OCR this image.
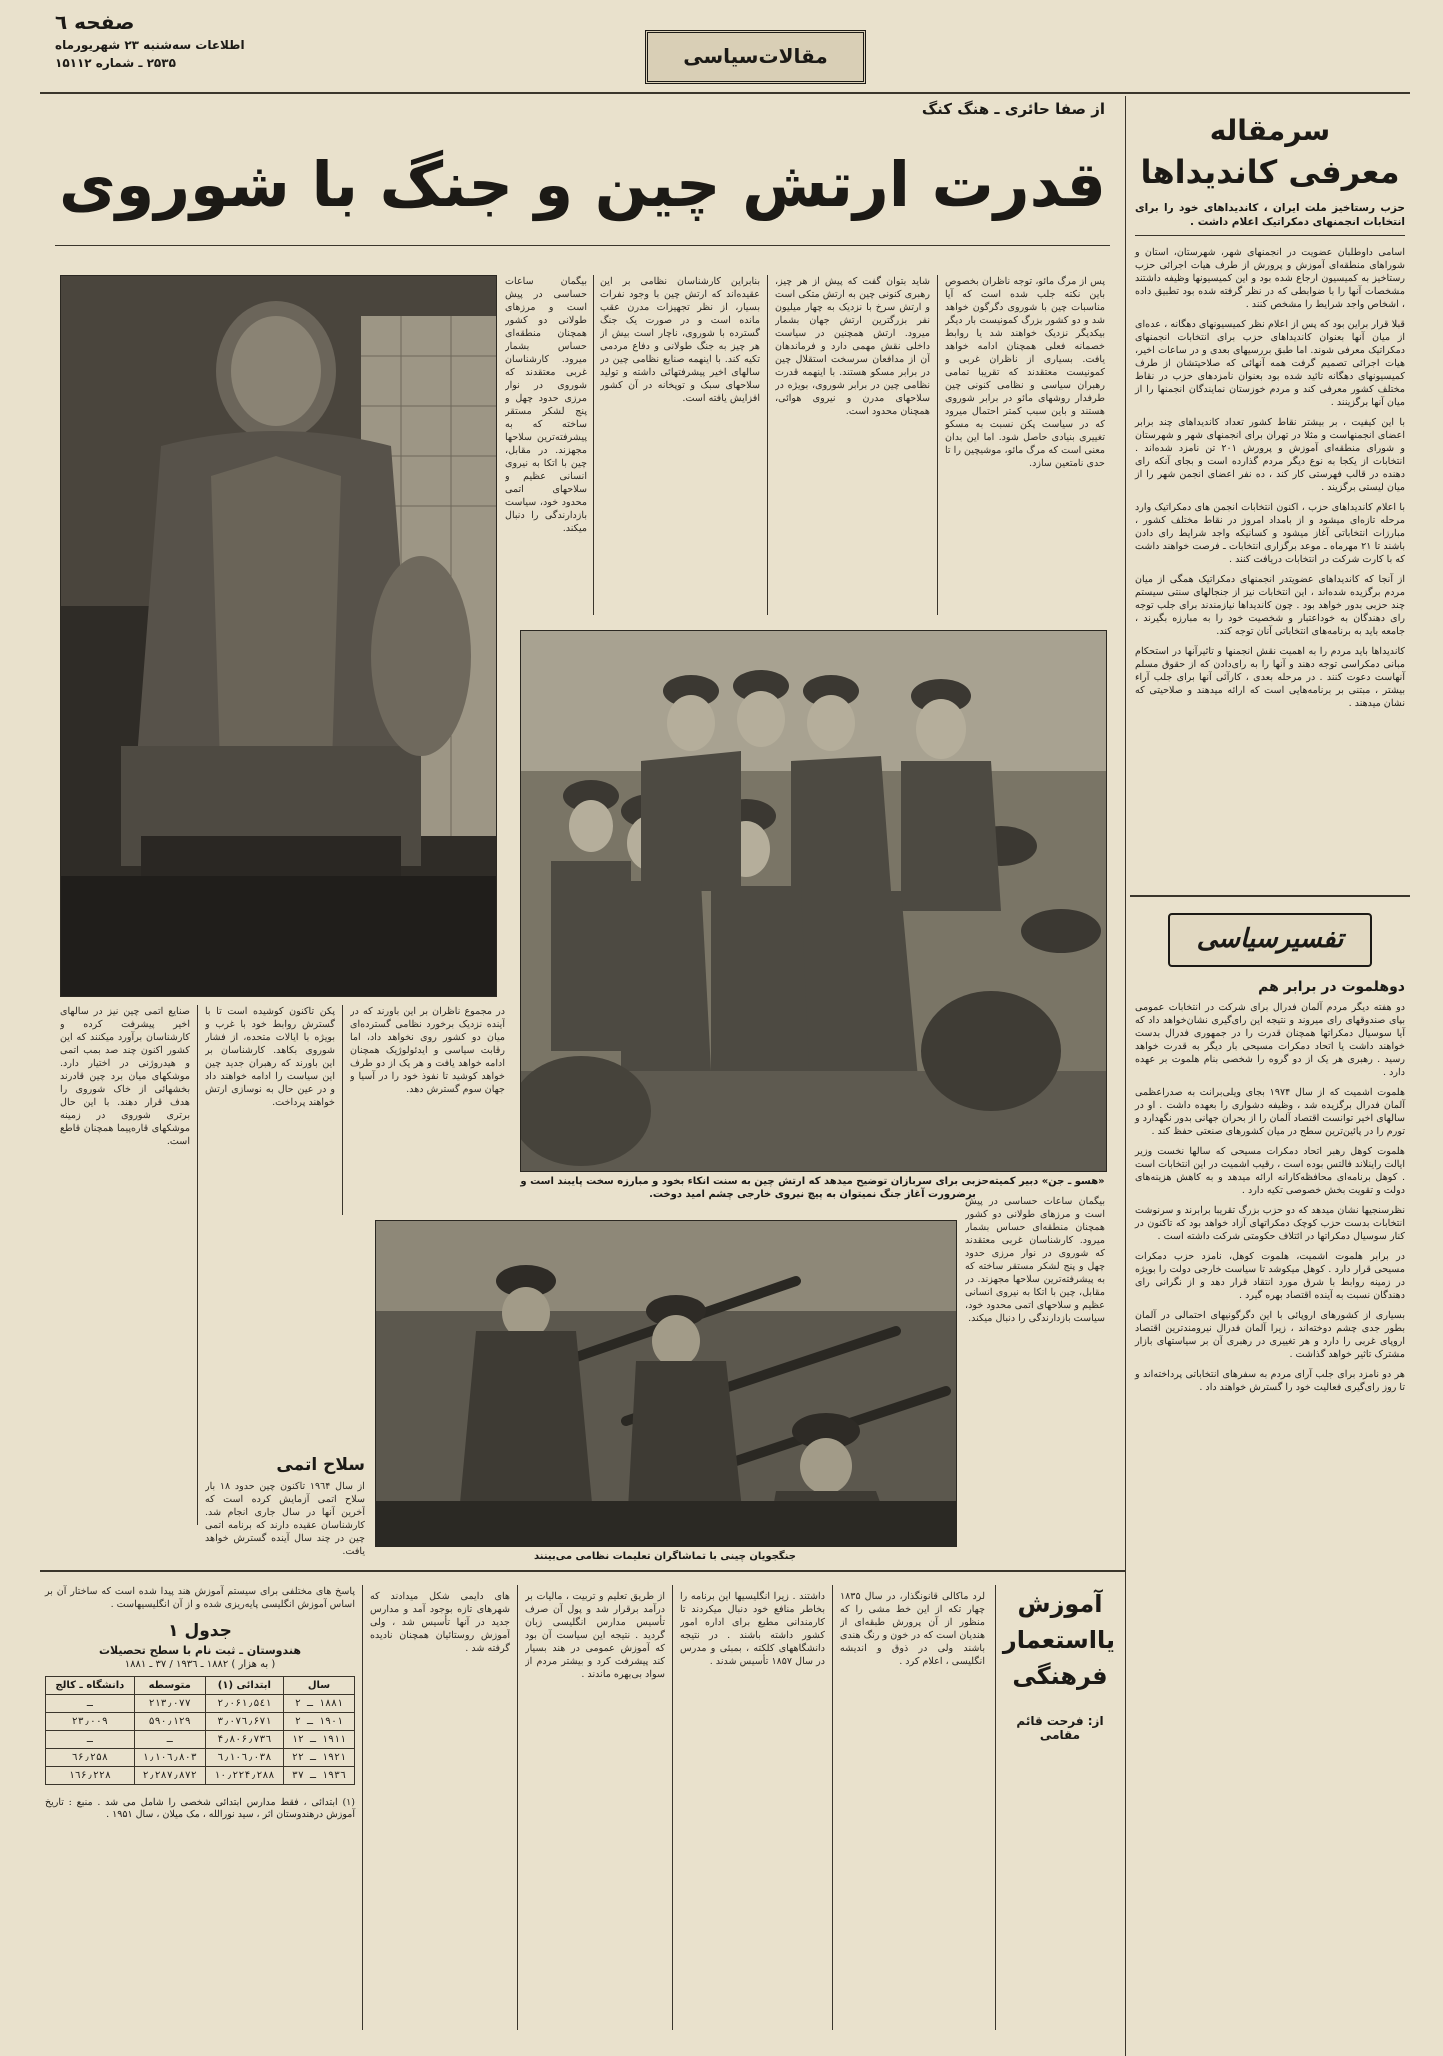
صفحه ٦
اطلاعات سه‌شنبه ۲۳ شهریورماه
۲۵۳۵ ـ شماره ۱۵۱۱۲	مقالات‌سیاسی
از صفا حائری ـ هنگ کنگ
قدرت ارتش چین و جنگ با شوروی
سرمقاله
معرفی کاندیداها
حزب رستاخیز ملت ایران ، کاندیداهای خود را برای انتخابات انجمنهای دمکراتیک اعلام داشت .

اسامی داوطلبان عضویت در انجمنهای شهر، شهرستان، استان و شوراهای منطقه‌ای آموزش و پرورش از طرف هیات اجرائی حزب رستاخیز به کمیسیون ارجاع شده بود و این کمیسیونها وظیفه داشتند مشخصات آنها را با ضوابطی که در نظر گرفته شده بود تطبیق داده ، اشخاص واجد شرایط را مشخص کنند .

قبلا قرار براین بود که پس از اعلام نظر کمیسیونهای دهگانه ، عده‌ای از میان آنها بعنوان کاندیداهای حزب برای انتخابات انجمنهای دمکراتیک معرفی شوند. اما طبق بررسیهای بعدی و در ساعات اخیر، هیات اجرائی تصمیم گرفت همه آنهائی که صلاحیتشان از طرف کمیسیونهای دهگانه تائید شده بود بعنوان نامزدهای حزب در نقاط مختلف کشور معرفی کند و مردم خوزستان نمایندگان انجمنها را از میان آنها برگزینند .

با این کیفیت ، بر بیشتر نقاط کشور تعداد کاندیداهای چند برابر اعضای انجمنهاست و مثلا در تهران برای انجمنهای شهر و شهرستان و شورای منطقه‌ای آموزش و پرورش ۲۰۱ تن نامزد شده‌اند . انتخابات از یکجا به نوع دیگر مردم گذارده است و بجای آنکه رای دهنده در قالب فهرستی کار کند ، ده نفر اعضای انجمن شهر را از میان لیستی برگزیند .

با اعلام کاندیداهای حزب ، اکنون انتخابات انجمن های دمکراتیک وارد مرحله تازه‌ای میشود و از بامداد امروز در نقاط مختلف کشور ، مبارزات انتخاباتی آغاز میشود و کسانیکه واجد شرایط رای دادن باشند تا ۲۱ مهرماه ـ موعد برگزاری انتخابات ـ فرصت خواهند داشت که با کارت شرکت در انتخابات دریافت کنند .

از آنجا که کاندیداهای عضویتدر انجمنهای دمکراتیک همگی از میان مردم برگزیده شده‌اند ، این انتخابات نیز از جنجالهای سنتی سیستم چند حزبی بدور خواهد بود . چون کاندیداها نیازمندند برای جلب توجه رای دهندگان به خوداعتبار و شخصیت خود را به مبارزه بگیرند ، جامعه باید به برنامه‌های انتخاباتی آنان توجه کند.

کاندیداها باید مردم را به اهمیت نقش انجمنها و تاثیرآنها در استحکام مبانی دمکراسی توجه دهند و آنها را به رای‌دادن که از حقوق مسلم آنهاست دعوت کنند . در مرحله بعدی ، کارآئی آنها برای جلب آراء بیشتر ، مبتنی بر برنامه‌هایی است که ارائه میدهند و صلاحیتی که نشان میدهند .

تفسیرسیاسی
دوهلموت در برابر هم

دو هفته دیگر مردم آلمان فدرال برای شرکت در انتخابات عمومی بپای صندوقهای رای میروند و نتیجه این رای‌گیری نشان‌خواهد داد که آیا سوسیال دمکراتها همچنان قدرت را در جمهوری فدرال بدست خواهند داشت یا اتحاد دمکرات مسیحی بار دیگر به قدرت خواهد رسید . رهبری هر یک از دو گروه را شخصی بنام هلموت بر عهده دارد .

هلموت اشمیت که از سال ۱۹۷۴ بجای ویلی‌برانت به صدراعظمی آلمان فدرال برگزیده شد ، وظیفه دشواری را بعهده داشت . او در سالهای اخیر توانست اقتصاد آلمان را از بحران جهانی بدور نگهدارد و تورم را در پائین‌ترین سطح در میان کشورهای صنعتی حفظ کند .

هلموت کوهل رهبر اتحاد دمکرات مسیحی که سالها نخست وزیر ایالت راینلاند فالتس بوده است ، رقیب اشمیت در این انتخابات است . کوهل برنامه‌ای محافظه‌کارانه ارائه میدهد و به کاهش هزینه‌های دولت و تقویت بخش خصوصی تکیه دارد .

نظرسنجیها نشان میدهد که دو حزب بزرگ تقریبا برابرند و سرنوشت انتخابات بدست حزب کوچک دمکراتهای آزاد خواهد بود که تاکنون در کنار سوسیال دمکراتها در ائتلاف حکومتی شرکت داشته است .

در برابر هلموت اشمیت، هلموت کوهل، نامزد حزب دمکرات مسیحی قرار دارد . کوهل میکوشد تا سیاست خارجی دولت را بویژه در زمینه روابط با شرق مورد انتقاد قرار دهد و از نگرانی رای دهندگان نسبت به آینده اقتصاد بهره گیرد .

بسیاری از کشورهای اروپائی با این دگرگونیهای احتمالی در آلمان بطور جدی چشم دوخته‌اند ، زیرا آلمان فدرال نیرومندترین اقتصاد اروپای غربی را دارد و هر تغییری در رهبری آن بر سیاستهای بازار مشترک تاثیر خواهد گذاشت .

هر دو نامزد برای جلب آرای مردم به سفرهای انتخاباتی پرداخته‌اند و تا روز رای‌گیری فعالیت خود را گسترش خواهند داد .

پس از مرگ مائو، توجه ناظران بخصوص باین نکته جلب شده است که آیا مناسبات چین با شوروی دگرگون خواهد شد و دو کشور بزرگ کمونیست بار دیگر بیکدیگر نزدیک خواهند شد یا روابط خصمانه فعلی همچنان ادامه خواهد یافت. بسیاری از ناظران غربی و کمونیست معتقدند که تقریبا تمامی رهبران سیاسی و نظامی کنونی چین طرفدار روشهای مائو در برابر شوروی هستند و باین سبب کمتر احتمال میرود که در سیاست پکن نسبت به مسکو تغییری بنیادی حاصل شود. اما این بدان معنی است که مرگ مائو، موشیچین را تا حدی نامتعین سازد.
شاید بتوان گفت که پیش از هر چیز، رهبری کنونی چین به ارتش متکی است و ارتش سرخ با نزدیک به چهار میلیون نفر بزرگترین ارتش جهان بشمار میرود. ارتش همچنین در سیاست داخلی نقش مهمی دارد و فرماندهان آن از مدافعان سرسخت استقلال چین در برابر مسکو هستند. با اینهمه قدرت نظامی چین در برابر شوروی، بویژه در سلاحهای مدرن و نیروی هوائی، همچنان محدود است.
بنابراین کارشناسان نظامی بر این عقیده‌اند که ارتش چین با وجود نفرات بسیار، از نظر تجهیزات مدرن عقب مانده است و در صورت یک جنگ گسترده با شوروی، ناچار است بیش از هر چیز به جنگ طولانی و دفاع مردمی تکیه کند. با اینهمه صنایع نظامی چین در سالهای اخیر پیشرفتهائی داشته و تولید سلاحهای سبک و توپخانه در آن کشور افزایش یافته است.
بیگمان ساعات حساسی در پیش است و مرزهای طولانی دو کشور همچنان منطقه‌ای حساس بشمار میرود. کارشناسان غربی معتقدند که شوروی در نوار مرزی حدود چهل و پنج لشکر مستقر ساخته که به پیشرفته‌ترین سلاحها مجهزند. در مقابل، چین با اتکا به نیروی انسانی عظیم و سلاحهای اتمی محدود خود، سیاست بازدارندگی را دنبال میکند.
«هسو ـ جن» دبیر کمیته‌حزبی برای سربازان توضیح میدهد که ارتش چین به سنت انکاء بخود و مبارزه سخت پایبند است و برضرورت آغاز جنگ نمیتوان به پیچ نیروی خارجی چشم امید دوخت.
صنایع اتمی چین نیز در سالهای اخیر پیشرفت کرده و کارشناسان برآورد میکنند که این کشور اکنون چند صد بمب اتمی و هیدروژنی در اختیار دارد. موشکهای میان برد چین قادرند بخشهائی از خاک شوروی را هدف قرار دهند. با این حال برتری شوروی در زمینه موشکهای قاره‌پیما همچنان قاطع است.
پکن تاکنون کوشیده است تا با گسترش روابط خود با غرب و بویژه با ایالات متحده، از فشار شوروی بکاهد. کارشناسان بر این باورند که رهبران جدید چین این سیاست را ادامه خواهند داد و در عین حال به نوسازی ارتش خواهند پرداخت.
در مجموع ناظران بر این باورند که در آینده نزدیک برخورد نظامی گسترده‌ای میان دو کشور روی نخواهد داد، اما رقابت سیاسی و ایدئولوژیک همچنان ادامه خواهد یافت و هر یک از دو طرف خواهد کوشید تا نفوذ خود را در آسیا و جهان سوم گسترش دهد.
سلاح اتمی
از سال ۱۹٦۴ تاکنون چین حدود ۱۸ بار سلاح اتمی آزمایش کرده است که آخرین آنها در سال جاری انجام شد. کارشناسان عقیده دارند که برنامه اتمی چین در چند سال آینده گسترش خواهد یافت.	جنگجویان چینی با تماشاگران تعلیمات نظامی می‌بینند
بیگمان ساعات حساسی در پیش است و مرزهای طولانی دو کشور همچنان منطقه‌ای حساس بشمار میرود. کارشناسان غربی معتقدند که شوروی در نوار مرزی حدود چهل و پنج لشکر مستقر ساخته که به پیشرفته‌ترین سلاحها مجهزند. در مقابل، چین با اتکا به نیروی انسانی عظیم و سلاحهای اتمی محدود خود، سیاست بازدارندگی را دنبال میکند.
آموزش
یااستعمار
فرهنگی
از: فرحت قائم مقامی
لرد ماکالی قانونگذار، در سال ۱۸۳۵ چهار تکه از این خط مشی را که منظور از آن پرورش طبقه‌ای از هندیان است که در خون و رنگ هندی باشند ولی در ذوق و اندیشه انگلیسی ، اعلام کرد .
داشتند . زیرا انگلیسیها این برنامه را بخاطر منافع خود دنبال میکردند تا کارمندانی مطیع برای اداره امور کشور داشته باشند . در نتیجه دانشگاههای کلکته ، بمبئی و مدرس در سال ۱۸۵۷ تأسیس شدند .
از طریق تعلیم و تربیت ، مالیات بر درآمد برقرار شد و پول آن صرف تأسیس مدارس انگلیسی زبان گردید . نتیجه این سیاست آن بود که آموزش عمومی در هند بسیار کند پیشرفت کرد و بیشتر مردم از سواد بی‌بهره ماندند .
های دایمی شکل میدادند که شهرهای تازه بوجود آمد و مدارس جدید در آنها تأسیس شد ، ولی آموزش روستائیان همچنان نادیده گرفته شد .
پاسخ های مختلفی برای سیستم آموزش هند پیدا شده است که ساختار آن بر اساس آموزش انگلیسی پایه‌ریزی شده و از آن انگلیسیهاست .
جدول ۱
هندوستان ـ ثبت نام با سطح تحصیلات
( به هزار ) ۱۸۸۲ ـ ۱۹۳٦ / ۳۷ ـ ۱۸۸۱
سال	ابتدائی (۱)	متوسطه	دانشگاه ـ کالج
۱۸۸۱ ـ ۲	۲٫۰۶۱٫۵٤۱	۲۱۳٫۰۷۷	ـ
۱۹۰۱ ـ ۲	۳٫۰۷٦٫۶۷۱	۵۹۰٫۱۲۹	۲۳٫۰۰۹
۱۹۱۱ ـ ۱۲	۴٫۸۰۶٫۷۳٦	ـ	ـ
۱۹۲۱ ـ ۲۲	٦٫۱۰٦٫۰۳۸	۱٫۱۰٦٫۸۰۳	٦۶٫۲۵۸
۱۹۳٦ ـ ۳۷	۱۰٫۲۲۴٫۲۸۸	۲٫۲۸۷٫۸۷۲	۱٦۶٫۲۲۸
(۱) ابتدائی ، فقط مدارس ابتدائی شخصی را شامل می شد . منبع : تاریخ آموزش درهندوستان اثر ، سید نورالله ، مک میلان ، سال ۱۹۵۱ .
